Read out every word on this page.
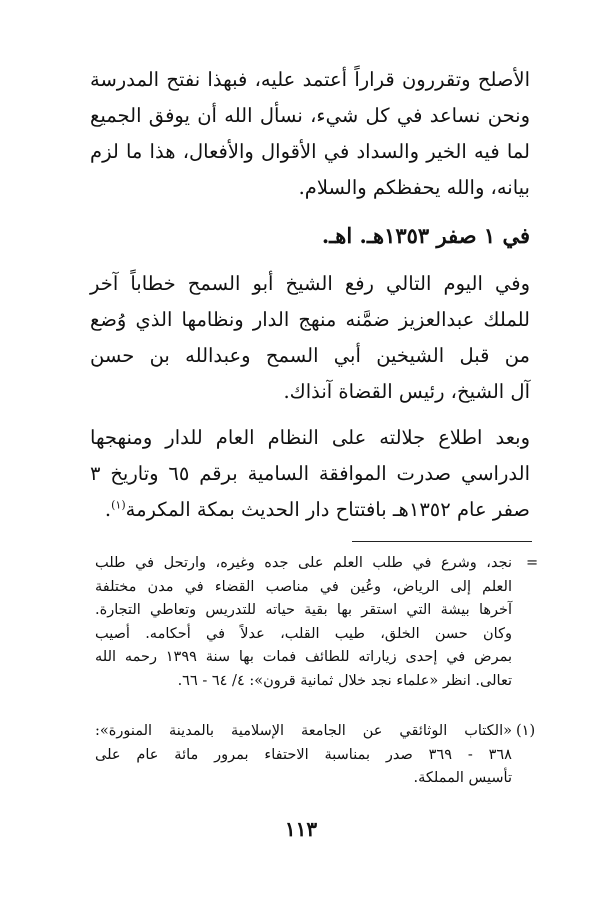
الأصلح وتقررون قراراً أعتمد عليه، فبهذا نفتح المدرسة
ونحن نساعد في كل شيء، نسأل الله أن يوفق الجميع
لما فيه الخير والسداد في الأقوال والأفعال، هذا ما لزم
بيانه، والله يحفظكم والسلام.
في ١ صفر ١٣٥٣هـ. اهـ.
وفي اليوم التالي رفع الشيخ أبو السمح خطاباً آخر
للملك عبدالعزيز ضمَّنه منهج الدار ونظامها الذي وُضع
من قبل الشيخين أبي السمح وعبدالله بن حسن
آل الشيخ، رئيس القضاة آنذاك.
وبعد اطلاع جلالته على النظام العام للدار ومنهجها
الدراسي صدرت الموافقة السامية برقم ٦٥ وتاريخ ٣
صفر عام ١٣٥٢هـ بافتتاح دار الحديث بمكة المكرمة$^{(١)}$.
=
نجد، وشرع في طلب العلم على جده وغيره، وارتحل في طلب
العلم إلى الرياض، وعُين في مناصب القضاء في مدن مختلفة
آخرها بيشة التي استقر بها بقية حياته للتدريس وتعاطي التجارة.
وكان حسن الخلق، طيب القلب، عدلاً في أحكامه. أصيب
بمرض في إحدى زياراته للطائف فمات بها سنة ١٣٩٩ رحمه الله
تعالى. انظر «علماء نجد خلال ثمانية قرون»: ٤/ ٦٤ - ٦٦.
(١)
«الكتاب الوثائقي عن الجامعة الإسلامية بالمدينة المنورة»:
٣٦٨ - ٣٦٩ صدر بمناسبة الاحتفاء بمرور مائة عام على
تأسيس المملكة.
١١٣
